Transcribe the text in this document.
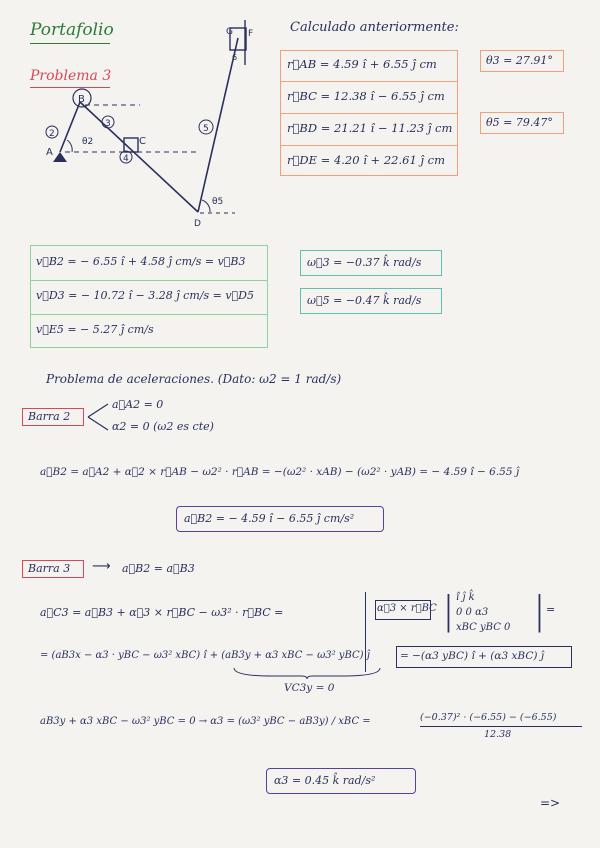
Portafolio
Problema 3
B
A
C
D
G F
θ2
θ5
2
3
4
5
6
Calculado anteriormente:
r⃗AB = 4.59 î + 6.55 ĵ cm
r⃗BC = 12.38 î − 6.55 ĵ cm
r⃗BD = 21.21 î − 11.23 ĵ cm
r⃗DE = 4.20 î + 22.61 ĵ cm
θ3 = 27.91°
θ5 = 79.47°
v⃗B2 = − 6.55 î + 4.58 ĵ cm/s = v⃗B3
v⃗D3 = − 10.72 î − 3.28 ĵ cm/s = v⃗D5
v⃗E5 = − 5.27 ĵ cm/s
ω⃗3 = −0.37 k̂ rad/s
ω⃗5 = −0.47 k̂ rad/s
Problema de aceleraciones. (Dato: ω2 = 1 rad/s)
Barra 2
a⃗A2 = 0
α2 = 0 (ω2 es cte)
a⃗B2 = a⃗A2 + α⃗2 × r⃗AB − ω2² · r⃗AB = −(ω2² · xAB) − (ω2² · yAB) = − 4.59 î − 6.55 ĵ
a⃗B2 = − 4.59 î − 6.55 ĵ cm/s²
Barra 3 ⟶ a⃗B2 = a⃗B3
a⃗C3 = a⃗B3 + α⃗3 × r⃗BC − ω3² · r⃗BC =	α⃗3 × r⃗BC | î ĵ k̂
0 0 α3
xBC yBC 0 | =
= (aB3x − α3 · yBC − ω3² xBC) î + (aB3y + α3 xBC − ω3² yBC) ĵ	= −(α3 yBC) î + (α3 xBC) ĵ
VC3y = 0
aB3y + α3 xBC − ω3² yBC = 0 → α3 = (ω3² yBC − aB3y) / xBC =	(−0.37)² · (−6.55) − (−6.55)
12.38
α3 = 0.45 k̂ rad/s²
=>
